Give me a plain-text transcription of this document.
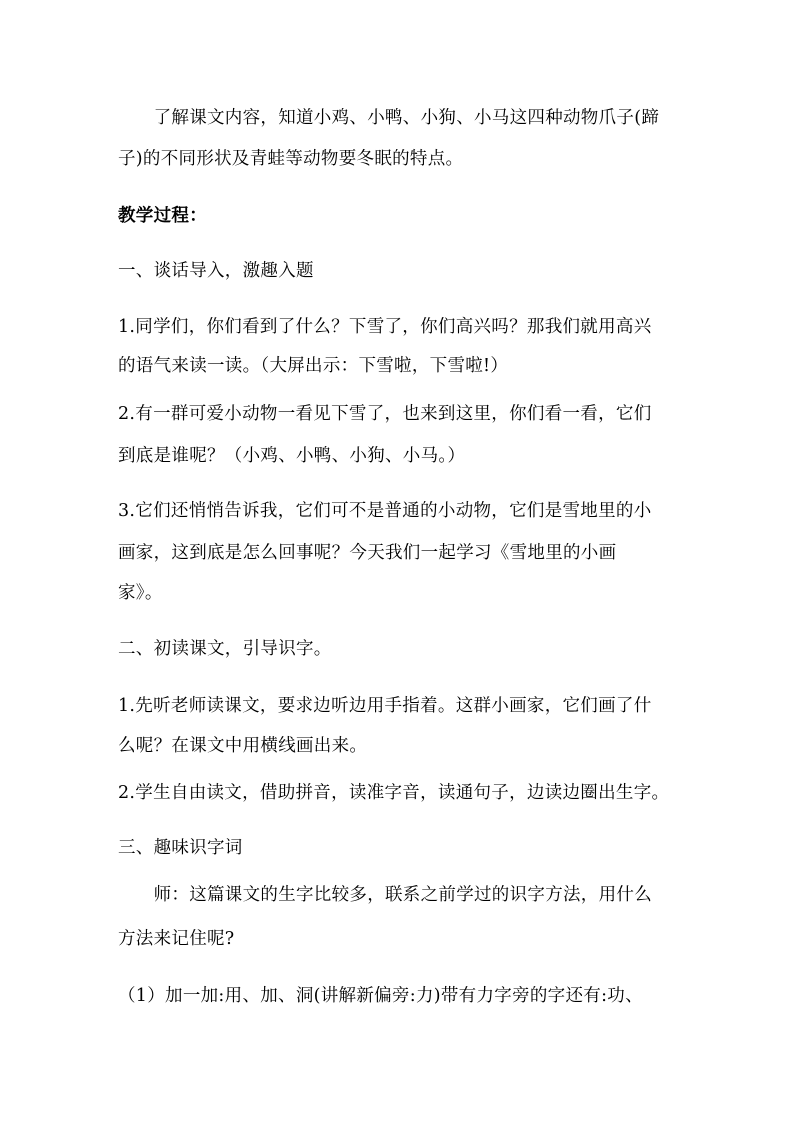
　　了解课文内容，知道小鸡、小鸭、小狗、小马这四种动物爪子(蹄
子)的不同形状及青蛙等动物要冬眠的特点。
教学过程：
一、谈话导入，激趣入题
1.同学们，你们看到了什么？下雪了，你们高兴吗？那我们就用高兴
的语气来读一读。（大屏出示：下雪啦，下雪啦!）
2.有一群可爱小动物一看见下雪了，也来到这里，你们看一看，它们
到底是谁呢？（小鸡、小鸭、小狗、小马。）
3.它们还悄悄告诉我，它们可不是普通的小动物，它们是雪地里的小
画家，这到底是怎么回事呢？今天我们一起学习《雪地里的小画
家》。
二、初读课文，引导识字。
1.先听老师读课文，要求边听边用手指着。这群小画家，它们画了什
么呢？在课文中用横线画出来。
2.学生自由读文，借助拼音，读准字音，读通句子，边读边圈出生字。
三、趣味识字词
　　师：这篇课文的生字比较多，联系之前学过的识字方法，用什么
方法来记住呢?
（1）加一加:用、加、洞(讲解新偏旁:力)带有力字旁的字还有:功、
